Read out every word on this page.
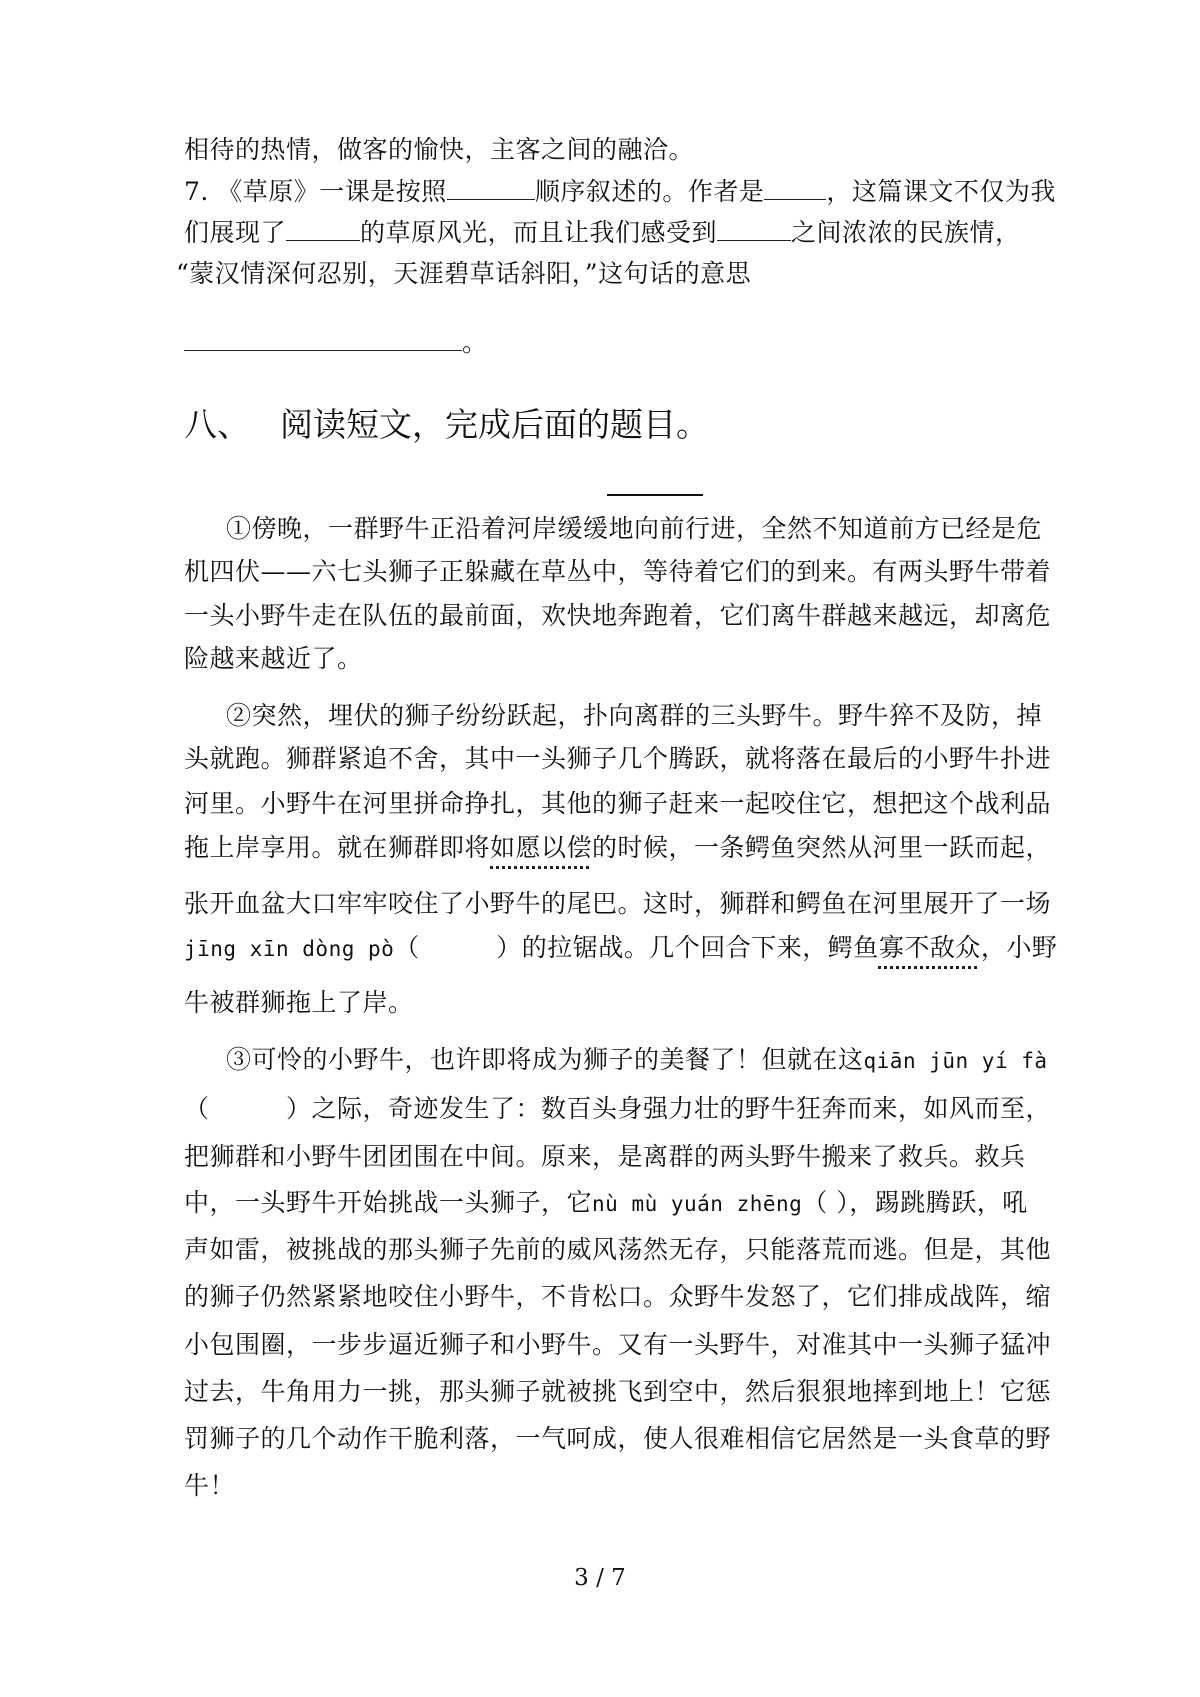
相待的热情，做客的愉快，主客之间的融洽。
7. 《草原》一课是按照	顺序叙述的。作者是 ，这篇课文不仅为我
们展现了	的草原风光，而且让我们感受到	之间浓浓的民族情，
“蒙汉情深何忍别，天涯碧草话斜阳，”这句话的意思
。
八、 阅读短文，完成后面的题目。
①傍晚，一群野牛正沿着河岸缓缓地向前行进，全然不知道前方已经是危
机四伏——六七头狮子正躲藏在草丛中，等待着它们的到来。有两头野牛带着
一头小野牛走在队伍的最前面，欢快地奔跑着，它们离牛群越来越远，却离危
险越来越近了。
②突然，埋伏的狮子纷纷跃起，扑向离群的三头野牛。野牛猝不及防，掉
头就跑。狮群紧追不舍，其中一头狮子几个腾跃，就将落在最后的小野牛扑进
河里。小野牛在河里拼命挣扎，其他的狮子赶来一起咬住它，想把这个战利品
拖上岸享用。就在狮群即将如愿以偿的时候，一条鳄鱼突然从河里一跃而起，
张开血盆大口牢牢咬住了小野牛的尾巴。这时，狮群和鳄鱼在河里展开了一场
jīng xīn dòng pò（　　　）的拉锯战。几个回合下来，鳄鱼寡不敌众，小野
牛被群狮拖上了岸。
③可怜的小野牛，也许即将成为狮子的美餐了！但就在这qiān jūn yí fà
（　　　）之际，奇迹发生了：数百头身强力壮的野牛狂奔而来，如风而至，
把狮群和小野牛团团围在中间。原来，是离群的两头野牛搬来了救兵。救兵
中，一头野牛开始挑战一头狮子，它nù mù yuán zhēng（ ），踢跳腾跃，吼
声如雷，被挑战的那头狮子先前的威风荡然无存，只能落荒而逃。但是，其他
的狮子仍然紧紧地咬住小野牛，不肯松口。众野牛发怒了，它们排成战阵，缩
小包围圈，一步步逼近狮子和小野牛。又有一头野牛，对准其中一头狮子猛冲
过去，牛角用力一挑，那头狮子就被挑飞到空中，然后狠狠地摔到地上！它惩
罚狮子的几个动作干脆利落，一气呵成，使人很难相信它居然是一头食草的野
牛！
3 / 7
